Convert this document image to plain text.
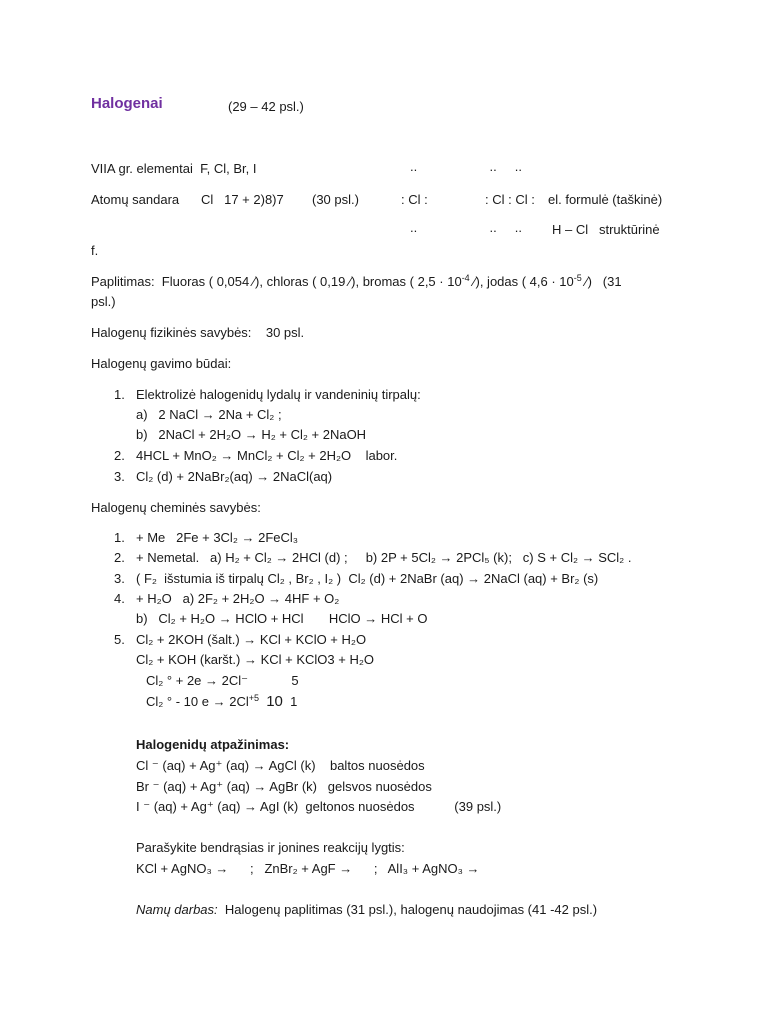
Halogenai	(29 – 42 psl.)
VIIA gr. elementai  F, Cl, Br, I	..                    ..     ..
Atomų sandara Cl   17 + 2)8)7 (30 psl.)	: Cl :	: Cl : Cl : el. formulė (taškinė)
..                    ..     .. H – Cl   struktūrinė
f.
Paplitimas:  Fluoras ( 0,054 ⁄), chloras ( 0,19 ⁄), bromas ( $2,5 \cdot 10^{-4}$ ⁄), jodas ( $4,6 \cdot 10^{-5}$ ⁄)   (31
psl.)
Halogenų fizikinės savybės:    30 psl.
Halogenų gavimo būdai:
1. Elektrolizė halogenidų lydalų ir vandeninių tirpalų:
a)   2 NaCl → 2Na + Cl₂ ;
b)   2NaCl + 2H₂O → H₂ + Cl₂ + 2NaOH
2. 4HCL + MnO₂ → MnCl₂ + Cl₂ + 2H₂O    labor.
3. Cl₂ (d) + 2NaBr₂(aq) → 2NaCl(aq)
Halogenų cheminės savybės:
1. + Me   2Fe + 3Cl₂ → 2FeCl₃
2. + Nemetal.   a) H₂ + Cl₂ → 2HCl (d) ;     b) 2P + 5Cl₂ → 2PCl₅ (k);   c) S + Cl₂ → SCl₂ .
3. ( F₂  išstumia iš tirpalų Cl₂ , Br₂ , I₂ )  Cl₂ (d) + 2NaBr (aq) → 2NaCl (aq) + Br₂ (s)
4. + H₂O   a) 2F₂ + 2H₂O → 4HF + O₂
b)   Cl₂ + H₂O → HClO + HCl       HClO → HCl + O
5. Cl₂ + 2KOH (šalt.) → KCl + KClO + H₂O
Cl₂ + KOH (karšt.) → KCl + KClO3 + H₂O
Cl₂ ° + 2e → 2Cl⁻            5
Cl₂ ° - 10 $e \to 2Cl^{+5}$ 10  1
Halogenidų atpažinimas:
Cl ⁻ (aq) + Ag⁺ (aq) → AgCl (k)    baltos nuosėdos
Br ⁻ (aq) + Ag⁺ (aq) → AgBr (k)   gelsvos nuosėdos
I ⁻ (aq) + Ag⁺ (aq) → AgI (k)  geltonos nuosėdos           (39 psl.)
Parašykite bendrąsias ir jonines reakcijų lygtis:
KCl + AgNO₃ →      ;   ZnBr₂ + AgF →      ;   AlI₃ + AgNO₃ →
Namų darbas:  Halogenų paplitimas (31 psl.), halogenų naudojimas (41 -42 psl.)
